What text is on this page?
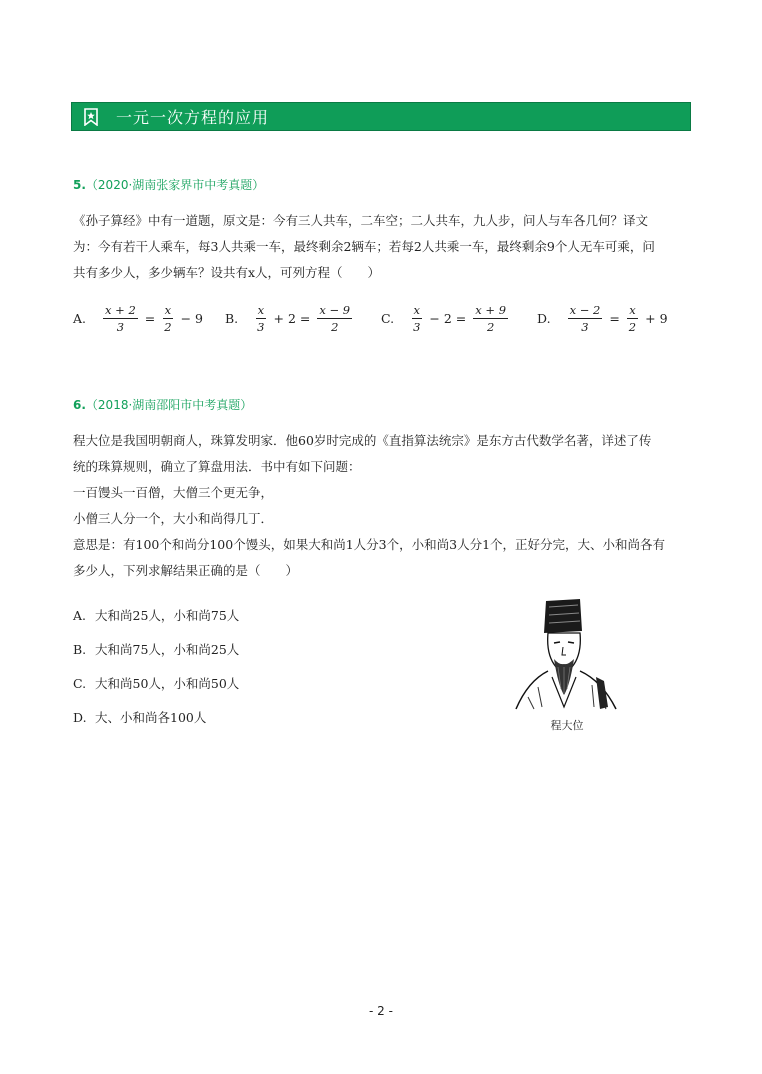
一元一次方程的应用
5.（2020·湖南张家界市中考真题）
《孙子算经》中有一道题，原文是：今有三人共车，二车空；二人共车，九人步，问人与车各几何？译文
为：今有若干人乘车，每3人共乘一车，最终剩余2辆车；若每2人共乘一车，最终剩余9个人无车可乘，问
共有多少人，多少辆车？设共有x人，可列方程（　　）
A. $\frac{x + 2}{3} = \frac{x}{2} - 9$ B. $\frac{x}{3} + 2 = \frac{x - 9}{2} C$. $\frac{x}{3} - 2 = \frac{x + 9}{2} D$. $\frac{x - 2}{3} = \frac{x}{2} + 9$
6.（2018·湖南邵阳市中考真题）
程大位是我国明朝商人，珠算发明家．他60岁时完成的《直指算法统宗》是东方古代数学名著，详述了传
统的珠算规则，确立了算盘用法．书中有如下问题：
一百馒头一百僧，大僧三个更无争，
小僧三人分一个，大小和尚得几丁．
意思是：有100个和尚分100个馒头，如果大和尚1人分3个，小和尚3人分1个，正好分完，大、小和尚各有
多少人，下列求解结果正确的是（　　）
A. 大和尚25人，小和尚75人
B. 大和尚75人，小和尚25人
C. 大和尚50人，小和尚50人
D. 大、小和尚各100人
程大位
- 2 -
